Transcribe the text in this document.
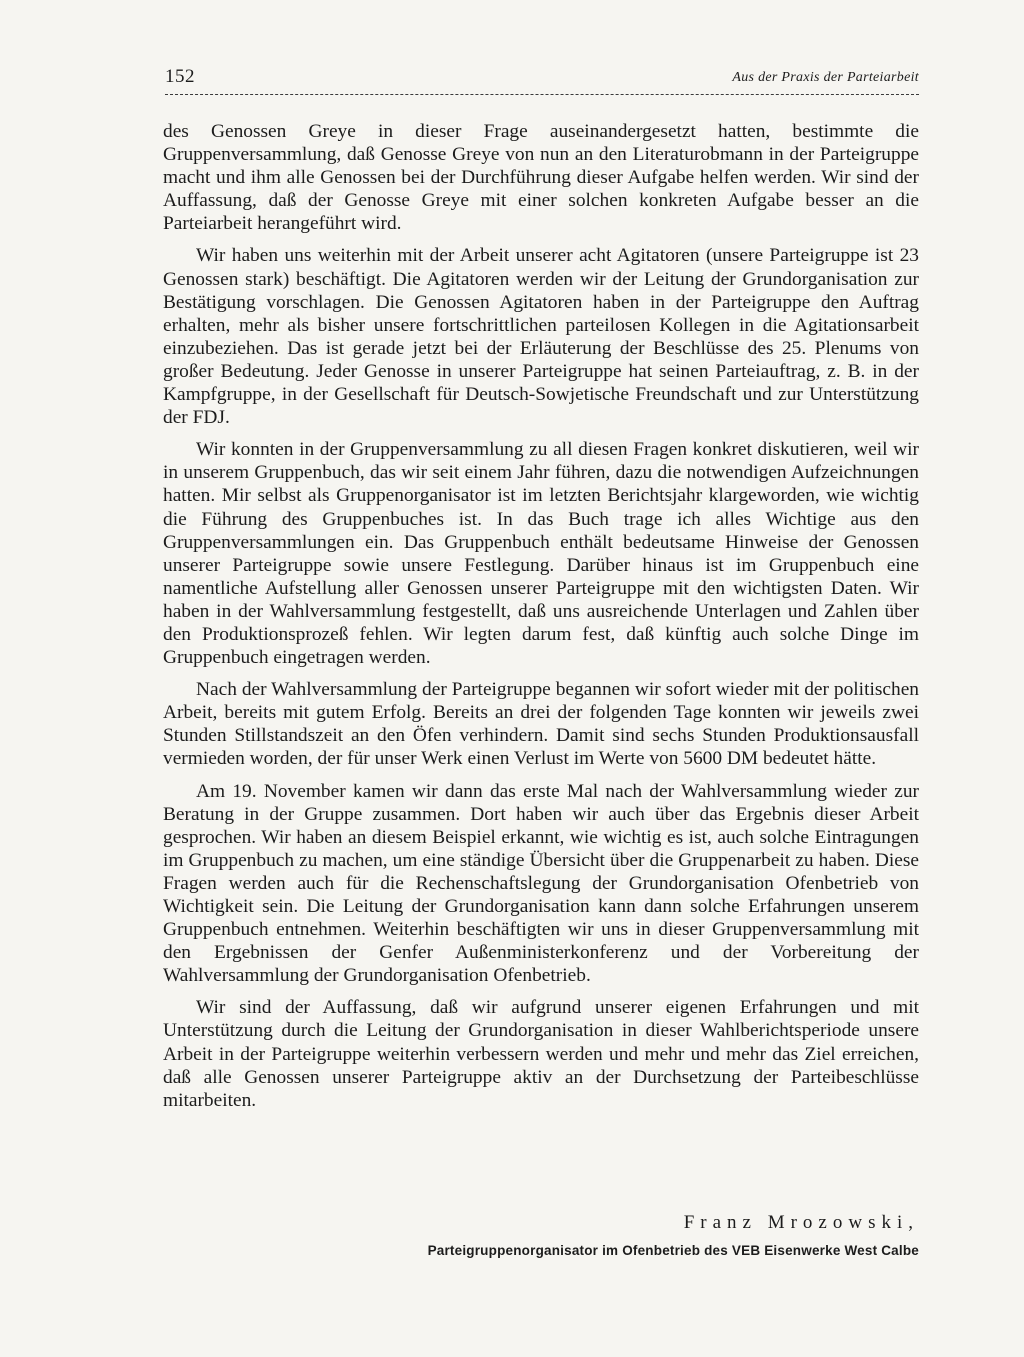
152	Aus der Praxis der Parteiarbeit

des Genossen Greye in dieser Frage auseinandergesetzt hatten, bestimmte die Gruppenversammlung, daß Genosse Greye von nun an den Literaturobmann in der Parteigruppe macht und ihm alle Genossen bei der Durchführung dieser Aufgabe helfen werden. Wir sind der Auffassung, daß der Genosse Greye mit einer solchen konkreten Aufgabe besser an die Parteiarbeit herangeführt wird.

Wir haben uns weiterhin mit der Arbeit unserer acht Agitatoren (unsere Parteigruppe ist 23 Genossen stark) beschäftigt. Die Agitatoren werden wir der Leitung der Grundorganisation zur Bestätigung vorschlagen. Die Genossen Agitatoren haben in der Parteigruppe den Auftrag erhalten, mehr als bisher unsere fortschrittlichen parteilosen Kollegen in die Agitationsarbeit einzubeziehen. Das ist gerade jetzt bei der Erläuterung der Beschlüsse des 25. Plenums von großer Bedeutung. Jeder Genosse in unserer Parteigruppe hat seinen Parteiauftrag, z. B. in der Kampfgruppe, in der Gesellschaft für Deutsch-Sowjetische Freundschaft und zur Unterstützung der FDJ.

Wir konnten in der Gruppenversammlung zu all diesen Fragen konkret diskutieren, weil wir in unserem Gruppenbuch, das wir seit einem Jahr führen, dazu die notwendigen Aufzeichnungen hatten. Mir selbst als Gruppenorganisator ist im letzten Berichtsjahr klargeworden, wie wichtig die Führung des Gruppenbuches ist. In das Buch trage ich alles Wichtige aus den Gruppenversammlungen ein. Das Gruppenbuch enthält bedeutsame Hinweise der Genossen unserer Parteigruppe sowie unsere Festlegung. Darüber hinaus ist im Gruppenbuch eine namentliche Aufstellung aller Genossen unserer Parteigruppe mit den wichtigsten Daten. Wir haben in der Wahlversammlung festgestellt, daß uns ausreichende Unterlagen und Zahlen über den Produktionsprozeß fehlen. Wir legten darum fest, daß künftig auch solche Dinge im Gruppenbuch eingetragen werden.

Nach der Wahlversammlung der Parteigruppe begannen wir sofort wieder mit der politischen Arbeit, bereits mit gutem Erfolg. Bereits an drei der folgenden Tage konnten wir jeweils zwei Stunden Stillstandszeit an den Öfen verhindern. Damit sind sechs Stunden Produktionsausfall vermieden worden, der für unser Werk einen Verlust im Werte von 5600 DM bedeutet hätte.

Am 19. November kamen wir dann das erste Mal nach der Wahlversammlung wieder zur Beratung in der Gruppe zusammen. Dort haben wir auch über das Ergebnis dieser Arbeit gesprochen. Wir haben an diesem Beispiel erkannt, wie wichtig es ist, auch solche Eintragungen im Gruppenbuch zu machen, um eine ständige Übersicht über die Gruppenarbeit zu haben. Diese Fragen werden auch für die Rechenschaftslegung der Grundorganisation Ofenbetrieb von Wichtigkeit sein. Die Leitung der Grundorganisation kann dann solche Erfahrungen unserem Gruppenbuch entnehmen. Weiterhin beschäftigten wir uns in dieser Gruppenversammlung mit den Ergebnissen der Genfer Außenministerkonferenz und der Vorbereitung der Wahlversammlung der Grundorganisation Ofenbetrieb.

Wir sind der Auffassung, daß wir aufgrund unserer eigenen Erfahrungen und mit Unterstützung durch die Leitung der Grundorganisation in dieser Wahlberichtsperiode unsere Arbeit in der Parteigruppe weiterhin verbessern werden und mehr und mehr das Ziel erreichen, daß alle Genossen unserer Parteigruppe aktiv an der Durchsetzung der Parteibeschlüsse mitarbeiten.

Franz Mrozowski,
Parteigruppenorganisator im Ofenbetrieb des VEB Eisenwerke West Calbe
